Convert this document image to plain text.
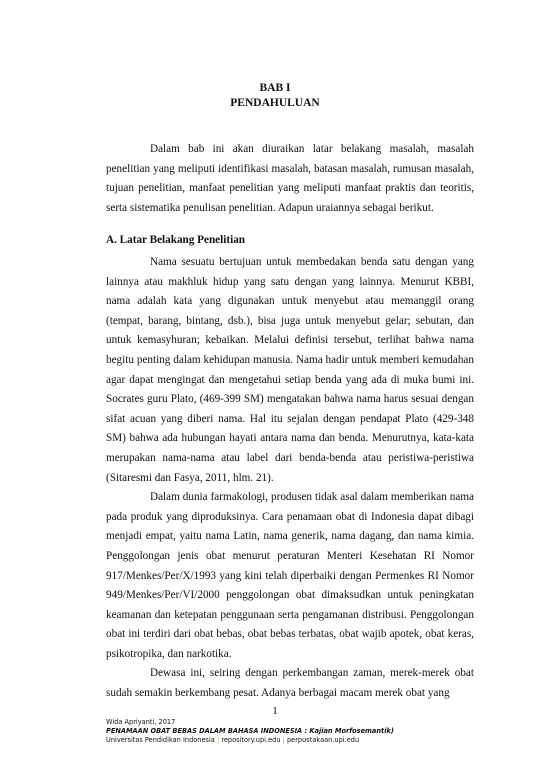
BAB I
PENDAHULUAN

Dalam bab ini akan diuraikan latar belakang masalah, masalah penelitian yang meliputi identifikasi masalah, batasan masalah, rumusan masalah, tujuan penelitian, manfaat penelitian yang meliputi manfaat praktis dan teoritis, serta sistematika penulisan penelitian. Adapun uraiannya sebagai berikut.

A. Latar Belakang Penelitian

Nama sesuatu bertujuan untuk membedakan benda satu dengan yang lainnya atau makhluk hidup yang satu dengan yang lainnya. Menurut KBBI, nama adalah kata yang digunakan untuk menyebut atau memanggil orang (tempat, barang, bintang, dsb.), bisa juga untuk menyebut gelar; sebutan, dan untuk kemasyhuran; kebaikan. Melalui definisi tersebut, terlihat bahwa nama begitu penting dalam kehidupan manusia. Nama hadir untuk memberi kemudahan agar dapat mengingat dan mengetahui setiap benda yang ada di muka bumi ini. Socrates guru Plato, (469-399 SM) mengatakan bahwa nama harus sesuai dengan sifat acuan yang diberi nama. Hal itu sejalan dengan pendapat Plato (429-348 SM) bahwa ada hubungan hayati antara nama dan benda. Menurutnya, kata-kata merupakan nama-nama atau label dari benda-benda atau peristiwa-peristiwa (Sitaresmi dan Fasya, 2011, hlm. 21).

Dalam dunia farmakologi, produsen tidak asal dalam memberikan nama pada produk yang diproduksinya. Cara penamaan obat di Indonesia dapat dibagi menjadi empat, yaitu nama Latin, nama generik, nama dagang, dan nama kimia. Penggolongan jenis obat menurut peraturan Menteri Kesehatan RI Nomor 917/Menkes/Per/X/1993 yang kini telah diperbaiki dengan Permenkes RI Nomor 949/Menkes/Per/VI/2000 penggolongan obat dimaksudkan untuk peningkatan keamanan dan ketepatan penggunaan serta pengamanan distribusi. Penggolongan obat ini terdiri dari obat bebas, obat bebas terbatas, obat wajib apotek, obat keras, psikotropika, dan narkotika.

Dewasa ini, seiring dengan perkembangan zaman, merek-merek obat sudah semakin berkembang pesat. Adanya berbagai macam merek obat yang

1
Wida Apriyanti, 2017
PENAMAAN OBAT BEBAS DALAM BAHASA INDONESIA : Kajian Morfosemantik)
Universitas Pendidikan Indonesia | repository.upi.edu | perpustakaan.upi.edu
